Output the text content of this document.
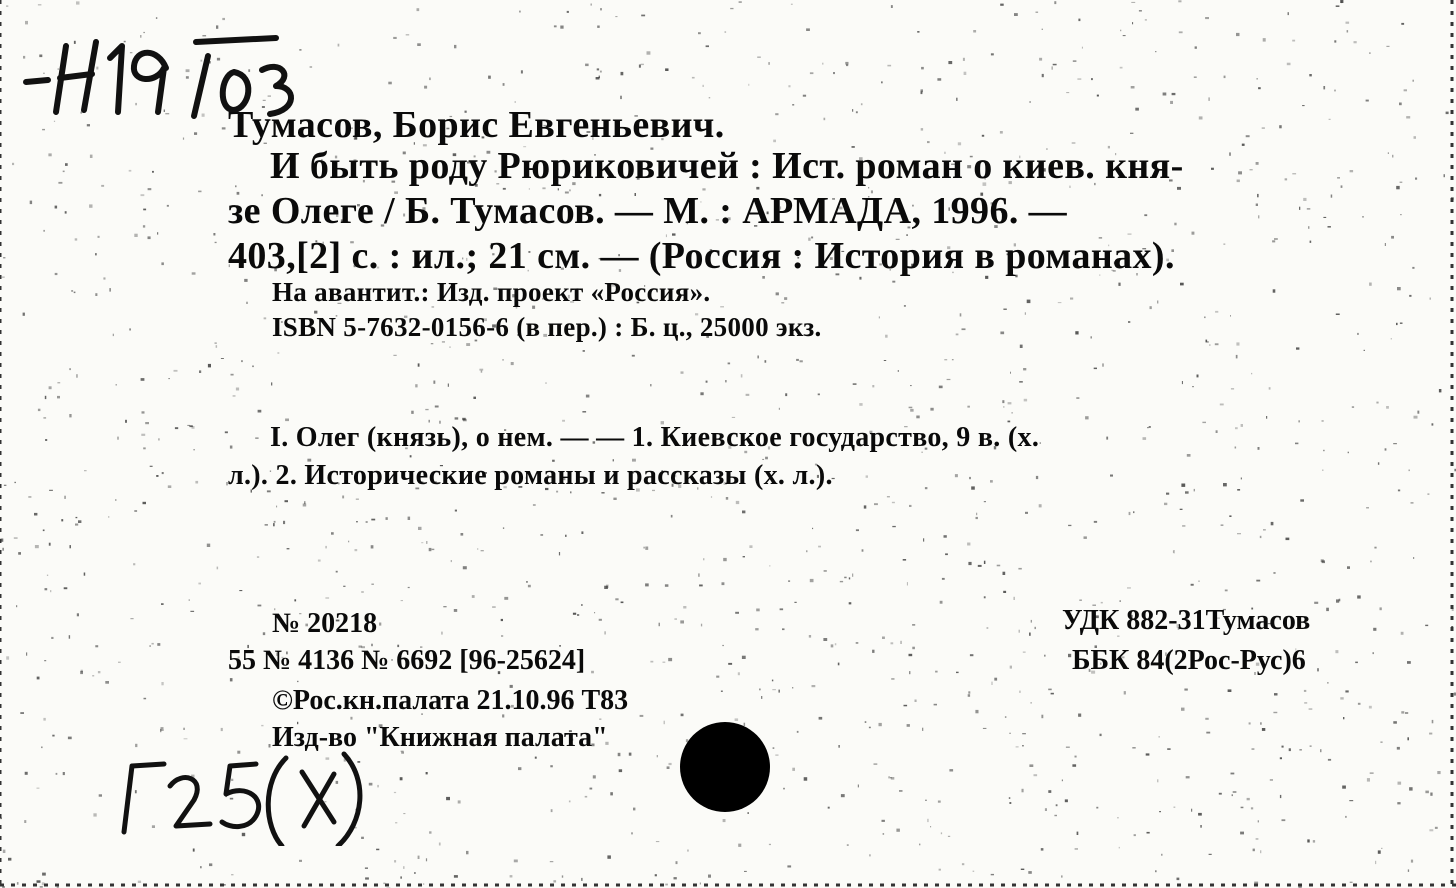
Тумасов, Борис Евгеньевич.
И быть роду Рюриковичей : Ист. роман о киев. кня-
зе Олеге / Б. Тумасов. — М. : АРМАДА, 1996. —
403,[2] с. : ил.; 21 см. — (Россия : История в романах).
На авантит.: Изд. проект «Россия».
ISBN 5-7632-0156-6 (в пер.) : Б. ц., 25000 экз.
I. Олег (князь), о нем. — — 1. Киевское государство, 9 в. (х.
л.). 2. Исторические романы и рассказы (х. л.).
№ 20218
55 № 4136 № 6692 [96-25624]
©Рос.кн.палата 21.10.96 Т83
Изд-во "Книжная палата"
УДК 882-31Тумасов
ББК 84(2Рос-Рус)6
